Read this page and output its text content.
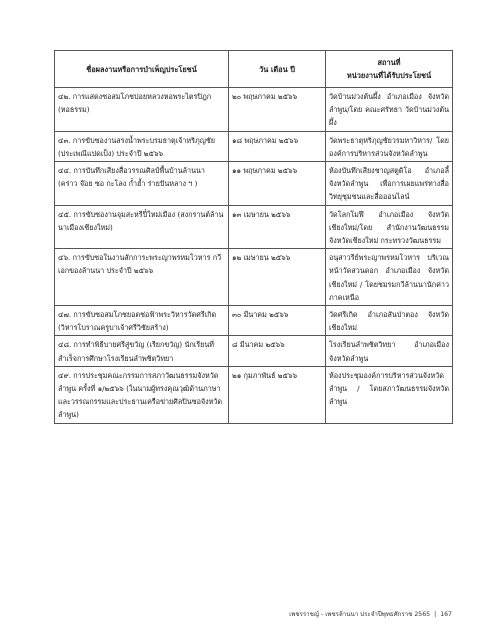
ชื่อผลงานหรือการบำเพ็ญประโยชน์	วัน เดือน ปี	สถานที่
หน่วยงานที่ได้รับประโยชน์
๔๒. การแสดงซอสมโภชปอยหลวงหอพระไตรปิฎก (หอธรรม)	๒๐ พฤษภาคม ๒๕๖๖	วัดบ้านม่วงต้นผึ้ง อำเภอเมือง จังหวัดลำพูน/โดย คณะศรัทธา วัดบ้านม่วงต้นผึ้ง
๔๓. การขับซองานสรงน้ำพระบรมธาตุเจ้าหริภุญชัย (ประเพณีแปดเป็ง) ประจำปี ๒๕๖๖	๑๘ พฤษภาคม ๒๕๖๖	วัดพระธาตุหริภุญชัยวรมหาวิหาร/ โดย องค์การบริหารส่วนจังหวัดลำพูน
๔๔. การบันทึกเสียงสื่อวรรณศิลป์พื้นบ้านล้านนา (คร่าว จ๊อย ซอ กะโลง ก๋ำฮ้ำ ร่ายปันหลาง ฯ )	๑๑ พฤษภาคม ๒๕๖๖	ห้องบันทึกเสียงชาญสตูดิโอ อำเภอลี้ จังหวัดลำพูน เพื่อการเผยแพร่ทางสื่อวิทยุชุมชนและสื่อออนไลน์
๔๕. การขับซองานจุมสะหรีปี๋ใหม่เมือง (สงกรานต์ล้านนาเมืองเชียงใหม่)	๑๓ เมษายน ๒๕๖๖	วัดโลกโมฬี อำเภอเมือง จังหวัดเชียงใหม่/โดย สำนักงานวัฒนธรรมจังหวัดเชียงใหม่ กระทรวงวัฒนธรรม
๔๖. การขับซอในงานสักการะพระญาพรหมโวหาร กวีเอกของล้านนา ประจำปี ๒๕๖๖	๑๒ เมษายน ๒๕๖๖	อนุสาวรีย์พระญาพรหมโวหาร บริเวณหน้าวัดสวนดอก อำเภอเมือง จังหวัดเชียงใหม่ / โดยชมรมกวีล้านนานักค่าวภาคเหนือ
๔๗. การขับซอสมโภชยอดช่อฟ้าพระวิหารวัดศรีเกิด (วิหารโบราณครูบาเจ้าศรีวิชัยสร้าง)	๓๐ มีนาคม ๒๕๖๖	วัดศรีเกิด อำเภอสันป่าตอง จังหวัดเชียงใหม่
๔๘. การทำพิธีบายศรีสู่ขวัญ (เรียกขวัญ) นักเรียนที่สำเร็จการศึกษาโรงเรียนลำพชิตวิทยา	๘ มีนาคม ๒๕๖๖	โรงเรียนลำพชิตวิทยา อำเภอเมือง จังหวัดลำพูน
๔๙. การประชุมคณะกรรมการสภาวัฒนธรรมจังหวัดลำพูน ครั้งที่ ๑/๒๕๖๖ (ในนามผู้ทรงคุณวุฒิด้านภาษาและวรรณกรรมและประธานเครือข่ายศิลปินซอจังหวัดลำพูน)	๒๑ กุมภาพันธ์ ๒๕๖๖	ห้องประชุมองค์การบริหารส่วนจังหวัดลำพูน / โดยสภาวัฒนธรรมจังหวัดลำพูน
เพชรราชญ์ - เพชรล้านนา ประจำปีพุทธศักราช 2565 | 167
